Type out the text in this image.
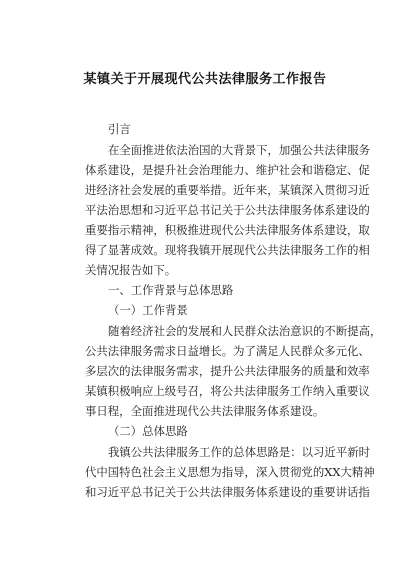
某镇关于开展现代公共法律服务工作报告
引言
在全面推进依法治国的大背景下，加强公共法律服务
体系建设，是提升社会治理能力、维护社会和谐稳定、促
进经济社会发展的重要举措。近年来，某镇深入贯彻习近
平法治思想和习近平总书记关于公共法律服务体系建设的
重要指示精神，积极推进现代公共法律服务体系建设，取
得了显著成效。现将我镇开展现代公共法律服务工作的相
关情况报告如下。
一、工作背景与总体思路
（一）工作背景
随着经济社会的发展和人民群众法治意识的不断提高，
公共法律服务需求日益增长。为了满足人民群众多元化、
多层次的法律服务需求，提升公共法律服务的质量和效率
某镇积极响应上级号召，将公共法律服务工作纳入重要议
事日程，全面推进现代公共法律服务体系建设。
（二）总体思路
我镇公共法律服务工作的总体思路是：以习近平新时
代中国特色社会主义思想为指导，深入贯彻党的XX大精神
和习近平总书记关于公共法律服务体系建设的重要讲话指
